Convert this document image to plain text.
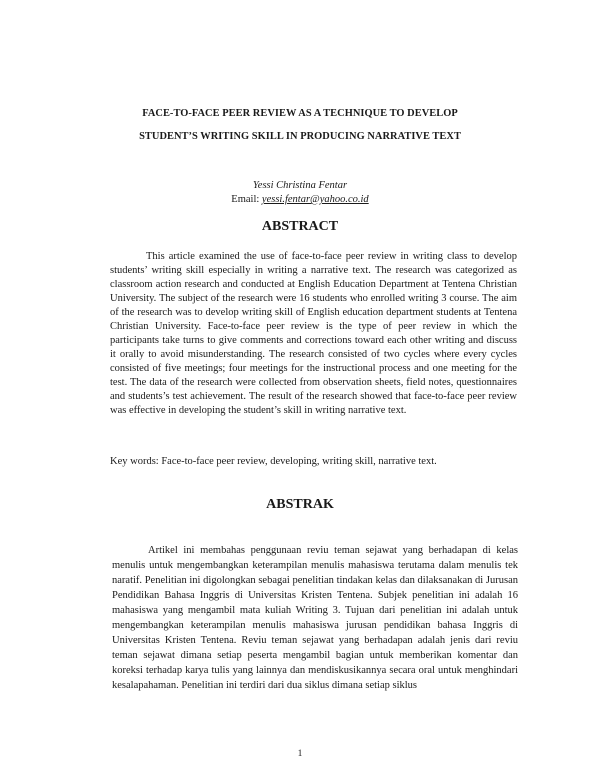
FACE-TO-FACE PEER REVIEW AS A TECHNIQUE TO DEVELOP
STUDENT’S WRITING SKILL IN PRODUCING NARRATIVE TEXT
Yessi Christina Fentar
Email: yessi.fentar@yahoo.co.id
ABSTRACT
This article examined the use of face-to-face peer review in writing class to develop students’ writing skill especially in writing a narrative text. The research was categorized as classroom action research and conducted at English Education Department at Tentena Christian University. The subject of the research were 16 students who enrolled writing 3 course. The aim of the research was to develop writing skill of English education department students at Tentena Christian University. Face-to-face peer review is the type of peer review in which the participants take turns to give comments and corrections toward each other writing and discuss it orally to avoid misunderstanding. The research consisted of two cycles where every cycles consisted of five meetings; four meetings for the instructional process and one meeting for the test. The data of the research were collected from observation sheets, field notes, questionnaires and students’s test achievement. The result of the research showed that face-to-face peer review was effective in developing the student’s skill in writing narrative text.
Key words: Face-to-face peer review, developing, writing skill, narrative text.
ABSTRAK
Artikel ini membahas penggunaan reviu teman sejawat yang berhadapan di kelas menulis untuk mengembangkan keterampilan menulis mahasiswa terutama dalam menulis tek naratif. Penelitian ini digolongkan sebagai penelitian tindakan kelas dan dilaksanakan di Jurusan Pendidikan Bahasa Inggris di Universitas Kristen Tentena. Subjek penelitian ini adalah 16 mahasiswa yang mengambil mata kuliah Writing 3. Tujuan dari penelitian ini adalah untuk mengembangkan keterampilan menulis mahasiswa jurusan pendidikan bahasa Inggris di Universitas Kristen Tentena. Reviu teman sejawat yang berhadapan adalah jenis dari reviu teman sejawat dimana setiap peserta mengambil bagian untuk memberikan komentar dan koreksi terhadap karya tulis yang lainnya dan mendiskusikannya secara oral untuk menghindari kesalapahaman. Penelitian ini terdiri dari dua siklus dimana setiap siklus
1
